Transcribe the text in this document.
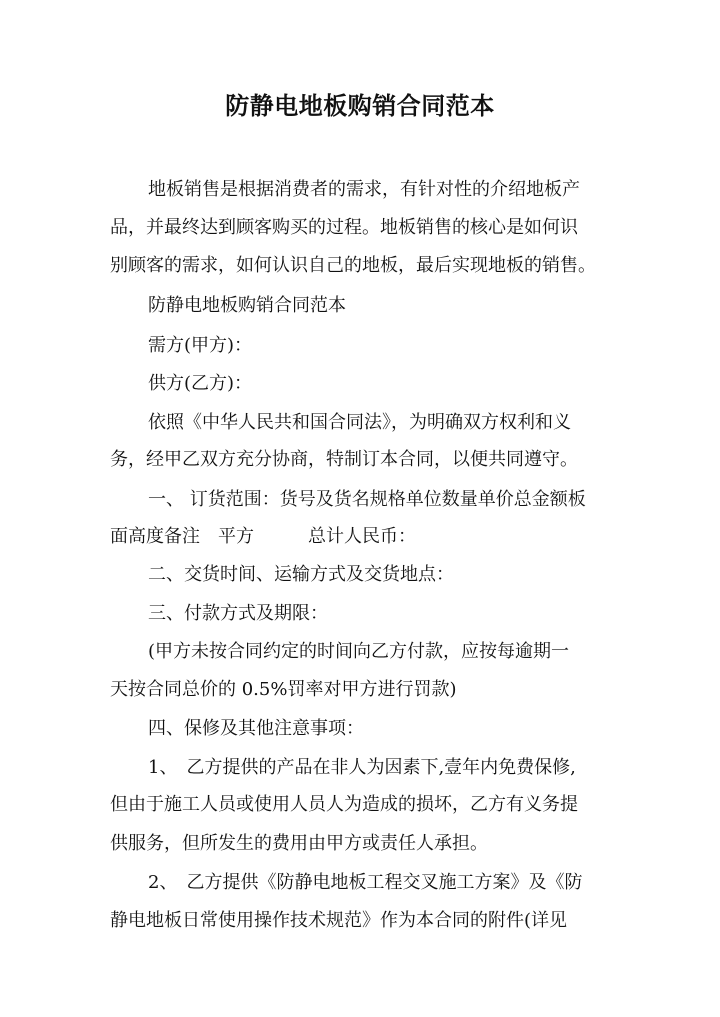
防静电地板购销合同范本
地板销售是根据消费者的需求，有针对性的介绍地板产
品，并最终达到顾客购买的过程。地板销售的核心是如何识
别顾客的需求，如何认识自己的地板，最后实现地板的销售。
防静电地板购销合同范本
需方(甲方)：
供方(乙方)：
依照《中华人民共和国合同法》，为明确双方权利和义
务，经甲乙双方充分协商，特制订本合同，以便共同遵守。
一、 订货范围：货号及货名规格单位数量单价总金额板
面高度备注　平方　　　总计人民币：
二、交货时间、运输方式及交货地点：
三、付款方式及期限：
(甲方未按合同约定的时间向乙方付款，应按每逾期一
天按合同总价的 0.5%罚率对甲方进行罚款)
四、保修及其他注意事项：
1、　乙方提供的产品在非人为因素下,壹年内免费保修,
但由于施工人员或使用人员人为造成的损坏，乙方有义务提
供服务，但所发生的费用由甲方或责任人承担。
2、　乙方提供《防静电地板工程交叉施工方案》及《防
静电地板日常使用操作技术规范》作为本合同的附件(详见
